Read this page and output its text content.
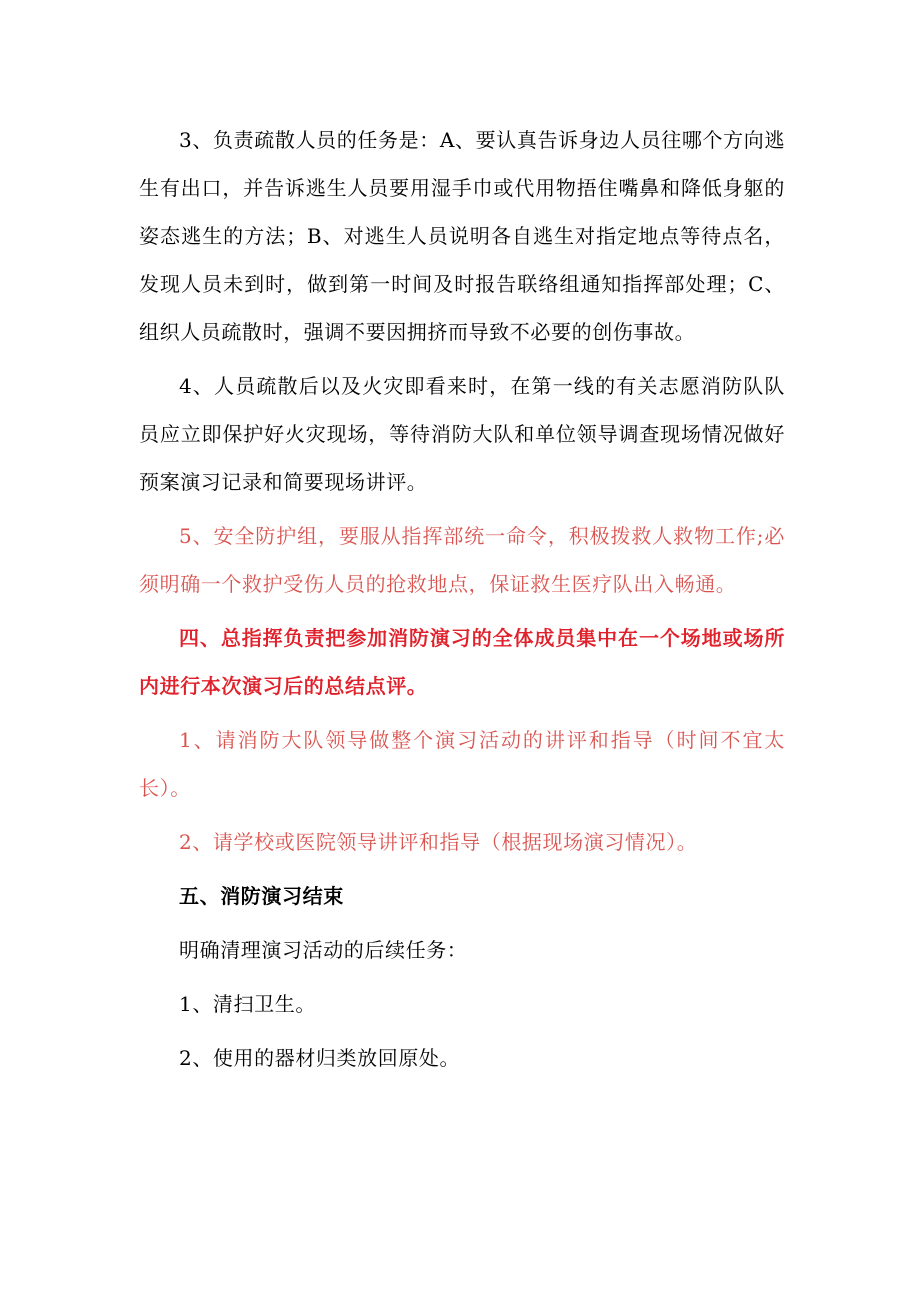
3、负责疏散人员的任务是：A、要认真告诉身边人员往哪个方向逃生有出口，并告诉逃生人员要用湿手巾或代用物捂住嘴鼻和降低身躯的姿态逃生的方法；B、对逃生人员说明各自逃生对指定地点等待点名，发现人员未到时，做到第一时间及时报告联络组通知指挥部处理；C、组织人员疏散时，强调不要因拥挤而导致不必要的创伤事故。

4、人员疏散后以及火灾即看来时，在第一线的有关志愿消防队队员应立即保护好火灾现场，等待消防大队和单位领导调查现场情况做好预案演习记录和简要现场讲评。

5、安全防护组，要服从指挥部统一命令，积极拨救人救物工作;必须明确一个救护受伤人员的抢救地点，保证救生医疗队出入畅通。

四、总指挥负责把参加消防演习的全体成员集中在一个场地或场所内进行本次演习后的总结点评。

1、请消防大队领导做整个演习活动的讲评和指导（时间不宜太长）。

2、请学校或医院领导讲评和指导（根据现场演习情况）。

五、消防演习结束

明确清理演习活动的后续任务：

1、清扫卫生。

2、使用的器材归类放回原处。
